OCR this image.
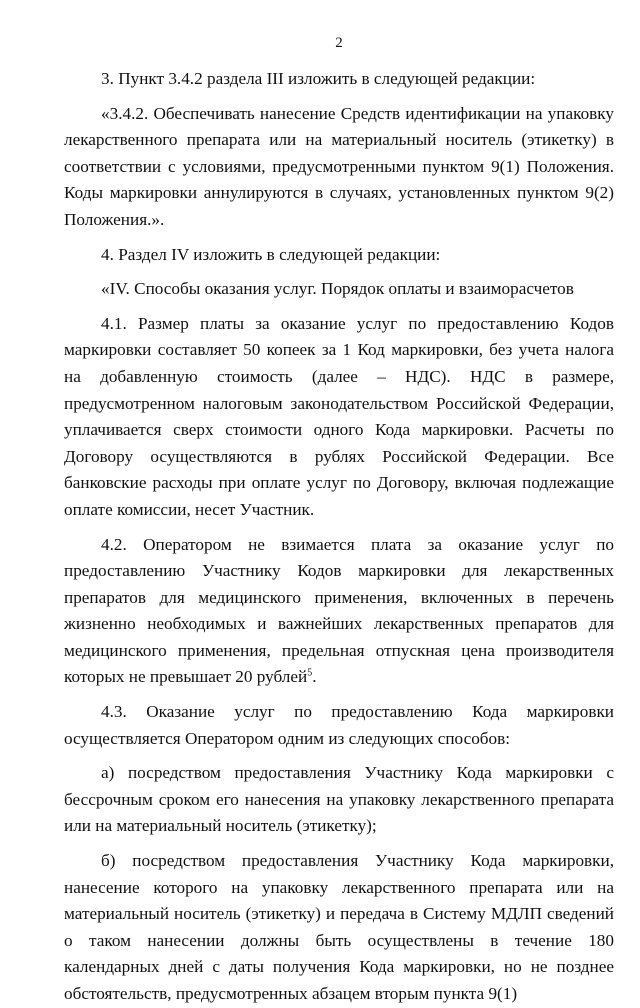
2

3. Пункт 3.4.2 раздела III изложить в следующей редакции:

«3.4.2. Обеспечивать нанесение Средств идентификации на упаковку лекарственного препарата или на материальный носитель (этикетку) в соответствии с условиями, предусмотренными пунктом 9(1) Положения. Коды маркировки аннулируются в случаях, установленных пунктом 9(2) Положения.».

4. Раздел IV изложить в следующей редакции:

«IV. Способы оказания услуг. Порядок оплаты и взаиморасчетов

4.1. Размер платы за оказание услуг по предоставлению Кодов маркировки составляет 50 копеек за 1 Код маркировки, без учета налога на добавленную стоимость (далее – НДС). НДС в размере, предусмотренном налоговым законодательством Российской Федерации, уплачивается сверх стоимости одного Кода маркировки. Расчеты по Договору осуществляются в рублях Российской Федерации. Все банковские расходы при оплате услуг по Договору, включая подлежащие оплате комиссии, несет Участник.

4.2. Оператором не взимается плата за оказание услуг по предоставлению Участнику Кодов маркировки для лекарственных препаратов для медицинского применения, включенных в перечень жизненно необходимых и важнейших лекарственных препаратов для медицинского применения, предельная отпускная цена производителя которых не превышает 20 рублей$^5$.

4.3. Оказание услуг по предоставлению Кода маркировки осуществляется Оператором одним из следующих способов:

а) посредством предоставления Участнику Кода маркировки с бессрочным сроком его нанесения на упаковку лекарственного препарата или на материальный носитель (этикетку);

б) посредством предоставления Участнику Кода маркировки, нанесение которого на упаковку лекарственного препарата или на материальный носитель (этикетку) и передача в Систему МДЛП сведений о таком нанесении должны быть осуществлены в течение 180 календарных дней с даты получения Кода маркировки, но не позднее обстоятельств, предусмотренных абзацем вторым пункта 9(1)
